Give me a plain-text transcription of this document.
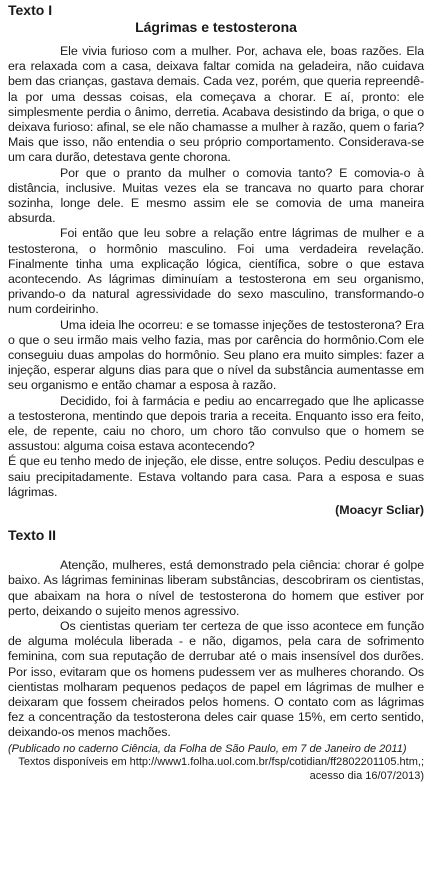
Texto I
Lágrimas e testosterona

Ele vivia furioso com a mulher. Por, achava ele, boas razões. Ela era relaxada com a casa, deixava faltar comida na geladeira, não cuidava bem das crianças, gastava demais. Cada vez, porém, que queria repreendê-la por uma dessas coisas, ela começava a chorar. E aí, pronto: ele simplesmente perdia o ânimo, derretia. Acabava desistindo da briga, o que o deixava furioso: afinal, se ele não chamasse a mulher à razão, quem o faria? Mais que isso, não entendia o seu próprio comportamento. Considerava-se um cara durão, detestava gente chorona.

Por que o pranto da mulher o comovia tanto? E comovia-o à distância, inclusive. Muitas vezes ela se trancava no quarto para chorar sozinha, longe dele. E mesmo assim ele se comovia de uma maneira absurda.

Foi então que leu sobre a relação entre lágrimas de mulher e a testosterona, o hormônio masculino. Foi uma verdadeira revelação. Finalmente tinha uma explicação lógica, científica, sobre o que estava acontecendo. As lágrimas diminuíam a testosterona em seu organismo, privando-o da natural agressividade do sexo masculino, transformando-o num cordeirinho.

Uma ideia lhe ocorreu: e se tomasse injeções de testosterona? Era o que o seu irmão mais velho fazia, mas por carência do hormônio.Com ele conseguiu duas ampolas do hormônio. Seu plano era muito simples: fazer a injeção, esperar alguns dias para que o nível da substância aumentasse em seu organismo e então chamar a esposa à razão.

Decidido, foi à farmácia e pediu ao encarregado que lhe aplicasse a testosterona, mentindo que depois traria a receita. Enquanto isso era feito, ele, de repente, caiu no choro, um choro tão convulso que o homem se assustou: alguma coisa estava acontecendo?

É que eu tenho medo de injeção, ele disse, entre soluços. Pediu desculpas e saiu precipitadamente. Estava voltando para casa. Para a esposa e suas lágrimas.

(Moacyr Scliar)
Texto II

Atenção, mulheres, está demonstrado pela ciência: chorar é golpe baixo. As lágrimas femininas liberam substâncias, descobriram os cientistas, que abaixam na hora o nível de testosterona do homem que estiver por perto, deixando o sujeito menos agressivo.

Os cientistas queriam ter certeza de que isso acontece em função de alguma molécula liberada - e não, digamos, pela cara de sofrimento feminina, com sua reputação de derrubar até o mais insensível dos durões. Por isso, evitaram que os homens pudessem ver as mulheres chorando. Os cientistas molharam pequenos pedaços de papel em lágrimas de mulher e deixaram que fossem cheirados pelos homens. O contato com as lágrimas fez a concentração da testosterona deles cair quase 15%, em certo sentido, deixando-os menos machões.

(Publicado no caderno Ciência, da Folha de São Paulo, em 7 de Janeiro de 2011)
Textos disponíveis em http://www1.folha.uol.com.br/fsp/cotidian/ff2802201105.htm,; acesso dia 16/07/2013)
